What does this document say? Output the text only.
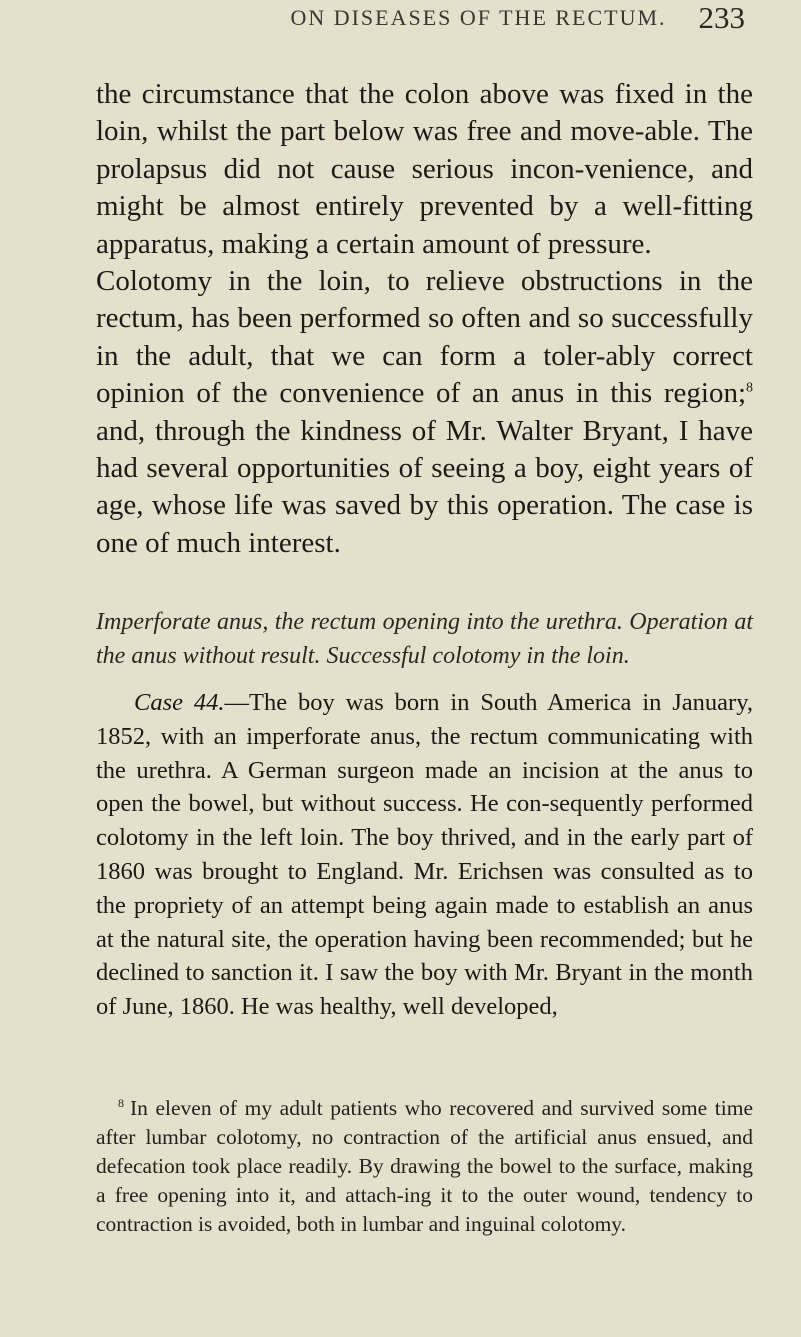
ON DISEASES OF THE RECTUM.	233

the circumstance that the colon above was fixed in the loin, whilst the part below was free and move-able. The prolapsus did not cause serious incon-venience, and might be almost entirely prevented by a well-fitting apparatus, making a certain amount of pressure.

Colotomy in the loin, to relieve obstructions in the rectum, has been performed so often and so successfully in the adult, that we can form a toler-ably correct opinion of the convenience of an anus in this region;$^8$ and, through the kindness of Mr. Walter Bryant, I have had several opportunities of seeing a boy, eight years of age, whose life was saved by this operation. The case is one of much interest.

Imperforate anus, the rectum opening into the urethra. Operation at the anus without result. Successful colotomy in the loin.

Case 44.—The boy was born in South America in January, 1852, with an imperforate anus, the rectum communicating with the urethra. A German surgeon made an incision at the anus to open the bowel, but without success. He con-sequently performed colotomy in the left loin. The boy thrived, and in the early part of 1860 was brought to England. Mr. Erichsen was consulted as to the propriety of an attempt being again made to establish an anus at the natural site, the operation having been recommended; but he declined to sanction it. I saw the boy with Mr. Bryant in the month of June, 1860. He was healthy, well developed,

$^8$ In eleven of my adult patients who recovered and survived some time after lumbar colotomy, no contraction of the artificial anus ensued, and defecation took place readily. By drawing the bowel to the surface, making a free opening into it, and attach-ing it to the outer wound, tendency to contraction is avoided, both in lumbar and inguinal colotomy.
